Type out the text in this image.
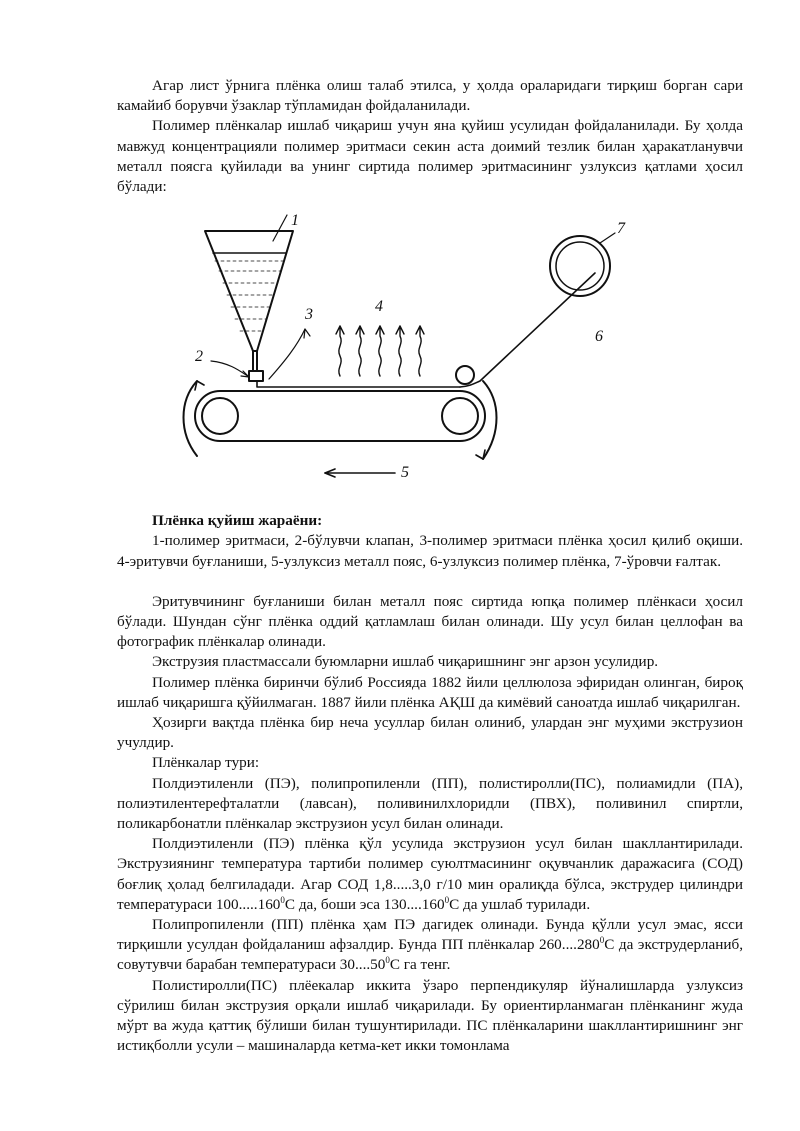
Агар лист ўрнига плёнка олиш талаб этилса, у ҳолда ораларидаги тирқиш борган сари камайиб борувчи ўзаклар тўпламидан фойдаланилади.

Полимер плёнкалар ишлаб чиқариш учун яна қуйиш усулидан фойдаланилади. Бу ҳолда мавжуд концентрацияли полимер эритмаси секин аста доимий тезлик билан ҳаракатланувчи металл поясга қуйилади ва унинг сиртида полимер эритмасининг узлуксиз қатлами ҳосил бўлади:

1
2
3	4
5
6
7

Плёнка қуйиш жараёни:

1-полимер эритмаси, 2-бўлувчи клапан, 3-полимер эритмаси плёнка ҳосил қилиб оқиши. 4-эритувчи буғланиши, 5-узлуксиз металл пояс, 6-узлуксиз полимер плёнка, 7-ўровчи ғалтак.

Эритувчининг буғланиши билан металл пояс сиртида юпқа полимер плёнкаси ҳосил бўлади. Шундан сўнг плёнка оддий қатламлаш билан олинади. Шу усул билан целлофан ва фотографик плёнкалар олинади.

Экструзия пластмассали буюмларни ишлаб чиқаришнинг энг арзон усулидир.

Полимер плёнка биринчи бўлиб Россияда 1882 йили целлюлоза эфиридан олинган, бироқ ишлаб чиқаришга қўйилмаган. 1887 йили плёнка АҚШ да кимёвий саноатда ишлаб чиқарилган.

Ҳозирги вақтда плёнка бир неча усуллар билан олиниб, улардан энг муҳими экструзион учулдир.

Плёнкалар тури:

Полдиэтиленли (ПЭ), полипропиленли (ПП), полистиролли(ПС), полиамидли (ПА), полиэтилентерефталатли (лавсан), поливинилхлоридли (ПВХ), поливинил спиртли, поликарбонатли плёнкалар экструзион усул билан олинади.

Полдиэтиленли (ПЭ) плёнка қўл усулида экструзион усул билан шакллантирилади. Экструзиянинг температура тартиби полимер суюлтмасининг оқувчанлик даражасига (СОД) боғлиқ ҳолад белгиладади. Агар СОД 1,8.....3,0 г/10 мин оралиқда бўлса, экструдер цилиндри температураси 100.....160$^0$С да, боши эса 130....160$^0$С да ушлаб турилади.

Полипропиленли (ПП) плёнка ҳам ПЭ дагидек олинади. Бунда қўлли усул эмас, ясси тирқишли усулдан фойдаланиш афзалдир. Бунда ПП плёнкалар 260....280$^0$С да экструдерланиб, совутувчи барабан температураси 30....50$^0$С га тенг.

Полистиролли(ПС) плёекалар иккита ўзаро перпендикуляр йўналишларда узлуксиз сўрилиш билан экструзия орқали ишлаб чиқарилади. Бу ориентирланмаган плёнканинг жуда мўрт ва жуда қаттиқ бўлиши билан тушунтирилади. ПС плёнкаларини шакллантиришнинг энг истиқболли усули – машиналарда кетма-кет икки томонлама
